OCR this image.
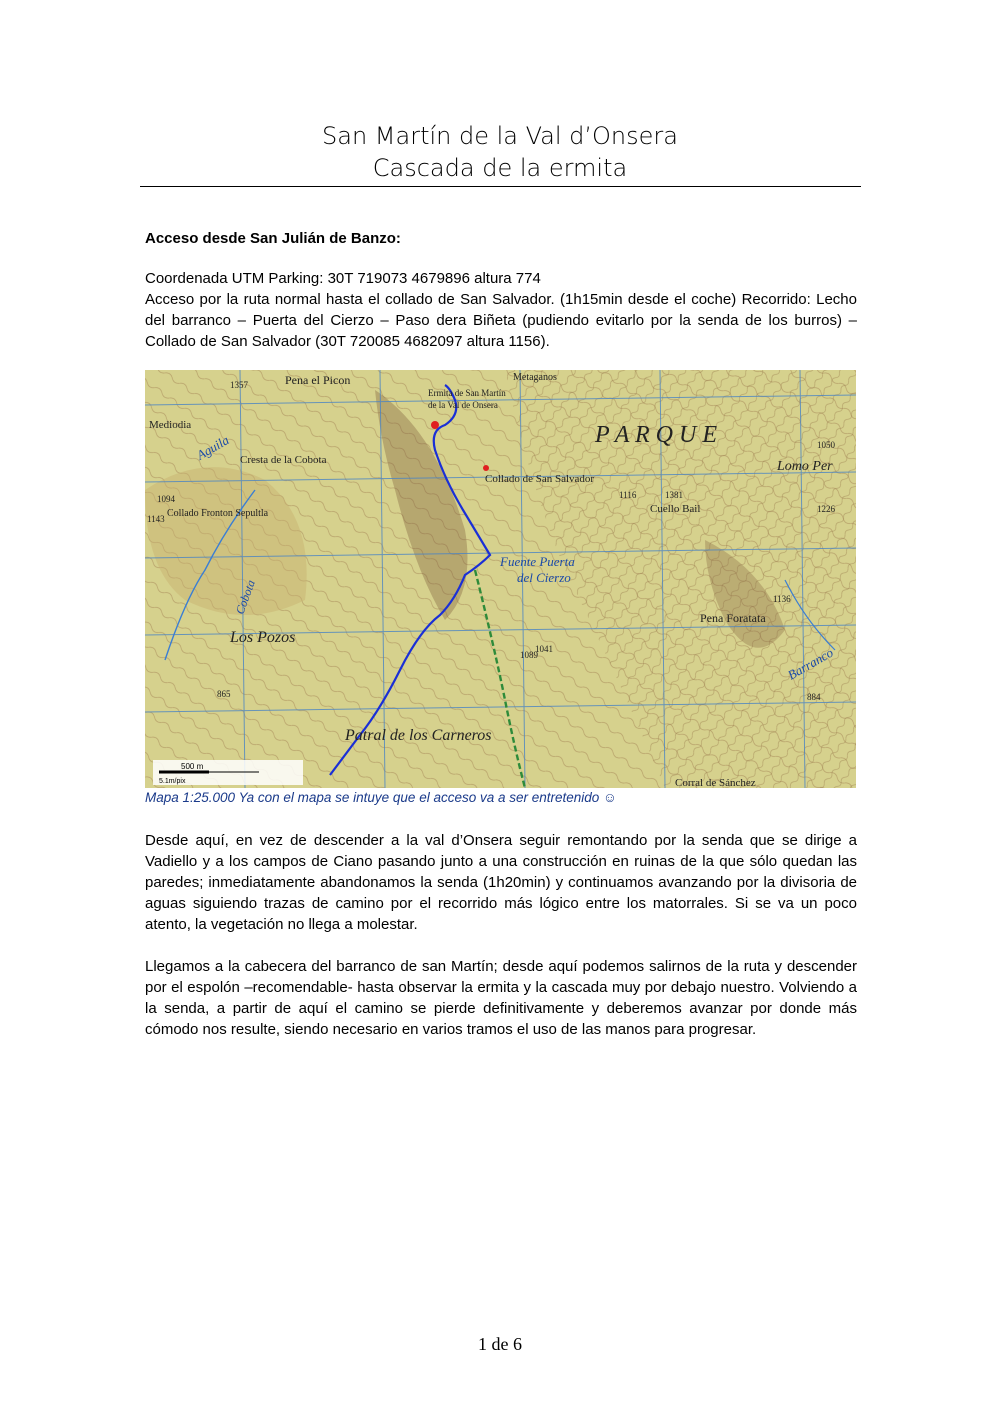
San Martín de la Val d’Onsera
Cascada de la ermita
Acceso desde San Julián de Banzo:

Coordenada UTM Parking: 30T 719073 4679896 altura 774

Acceso por la ruta normal hasta el collado de San Salvador. (1h15min desde el coche) Recorrido: Lecho del barranco – Puerta del Cierzo – Paso dera Biñeta (pudiendo evitarlo por la senda de los burros) – Collado de San Salvador (30T 720085 4682097 altura 1156).

Pena el Picon	Metaganos
Ermita de San Martín
de la Val de Onsera
P A R Q U E
Lomo Per
Mediodia
Aguila Cresta de la Cobota
Collado de San Salvador
Cuello Bail
Collado Fronton Sepultla
Fuente Puerta
del Cierzo
Los Pozos
Pena Foratata
Barranco
Patral de los Carneros
Corral de Sánchez
Cobota
1094
1143
865
1226
1116	1381
1136
884
1089
1041
1050
1357
500 m
5.1m/pix
Mapa 1:25.000 Ya con el mapa se intuye que el acceso va a ser entretenido ☺

Desde aquí, en vez de descender a la val d’Onsera seguir remontando por la senda que se dirige a Vadiello y a los campos de Ciano pasando junto a una construcción en ruinas de la que sólo quedan las paredes; inmediatamente abandonamos la senda (1h20min) y continuamos avanzando por la divisoria de aguas siguiendo trazas de camino por el recorrido más lógico entre los matorrales. Si se va un poco atento, la vegetación no llega a molestar.

Llegamos a la cabecera del barranco de san Martín; desde aquí podemos salirnos de la ruta y descender por el espolón –recomendable- hasta observar la ermita y la cascada muy por debajo nuestro. Volviendo a la senda, a partir de aquí el camino se pierde definitivamente y deberemos avanzar por donde más cómodo nos resulte, siendo necesario en varios tramos el uso de las manos para progresar.

1 de 6
